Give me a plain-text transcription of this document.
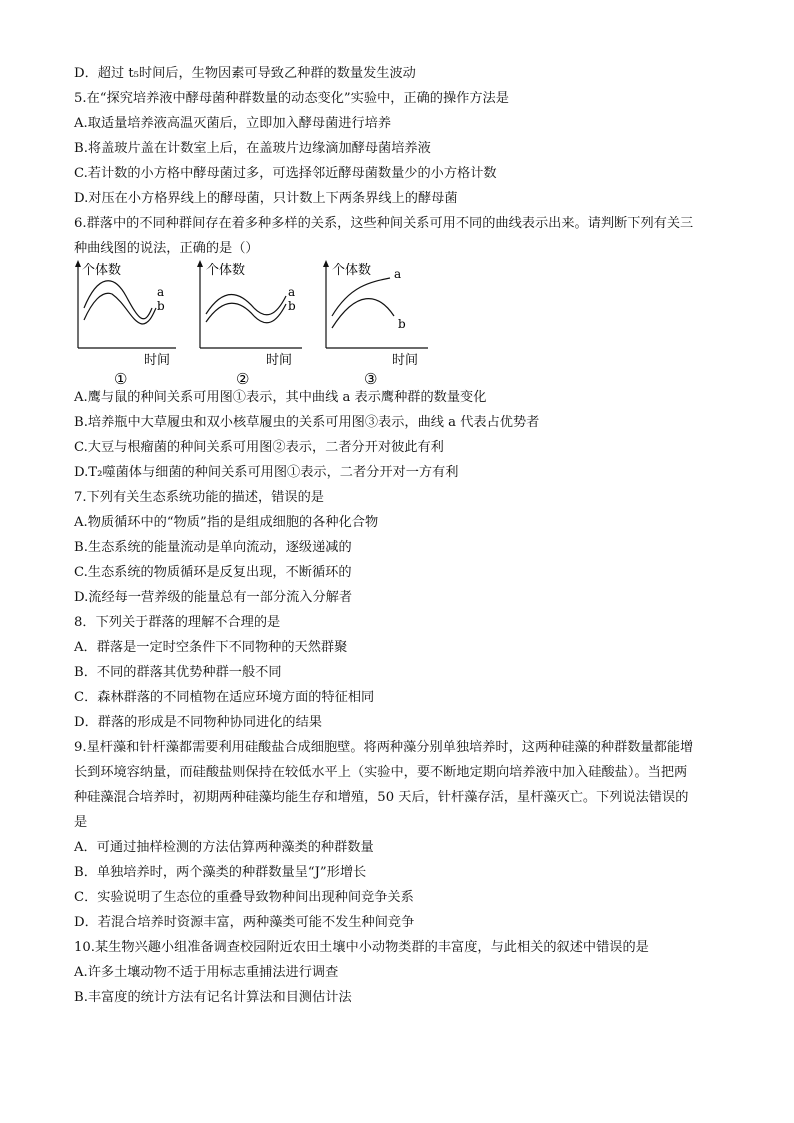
D．超过 t₅时间后，生物因素可导致乙种群的数量发生波动
5.在“探究培养液中酵母菌种群数量的动态变化”实验中，正确的操作方法是
A.取适量培养液高温灭菌后，立即加入酵母菌进行培养
B.将盖玻片盖在计数室上后，在盖玻片边缘滴加酵母菌培养液
C.若计数的小方格中酵母菌过多，可选择邻近酵母菌数量少的小方格计数
D.对压在小方格界线上的酵母菌，只计数上下两条界线上的酵母菌
6.群落中的不同种群间存在着多种多样的关系，这些种间关系可用不同的曲线表示出来。请判断下列有关三
种曲线图的说法，正确的是（）
个体数
时间
a
b
①
个体数
时间
a
b
②
个体数
时间
a
b
③
A.鹰与鼠的种间关系可用图①表示，其中曲线 a 表示鹰种群的数量变化
B.培养瓶中大草履虫和双小核草履虫的关系可用图③表示，曲线 a 代表占优势者
C.大豆与根瘤菌的种间关系可用图②表示，二者分开对彼此有利
D.T₂噬菌体与细菌的种间关系可用图①表示，二者分开对一方有利
7.下列有关生态系统功能的描述，错误的是
A.物质循环中的“物质”指的是组成细胞的各种化合物
B.生态系统的能量流动是单向流动，逐级递减的
C.生态系统的物质循环是反复出现，不断循环的
D.流经每一营养级的能量总有一部分流入分解者
8．下列关于群落的理解不合理的是
A．群落是一定时空条件下不同物种的天然群聚
B．不同的群落其优势种群一般不同
C．森林群落的不同植物在适应环境方面的特征相同
D．群落的形成是不同物种协同进化的结果
9.星杆藻和针杆藻都需要利用硅酸盐合成细胞壁。将两种藻分别单独培养时，这两种硅藻的种群数量都能增
长到环境容纳量，而硅酸盐则保持在较低水平上（实验中，要不断地定期向培养液中加入硅酸盐）。当把两
种硅藻混合培养时，初期两种硅藻均能生存和增殖，50 天后，针杆藻存活，星杆藻灭亡。下列说法错误的
是
A．可通过抽样检测的方法估算两种藻类的种群数量
B．单独培养时，两个藻类的种群数量呈“J”形增长
C．实验说明了生态位的重叠导致物种间出现种间竞争关系
D．若混合培养时资源丰富，两种藻类可能不发生种间竞争
10.某生物兴趣小组准备调查校园附近农田土壤中小动物类群的丰富度，与此相关的叙述中错误的是
A.许多土壤动物不适于用标志重捕法进行调查
B.丰富度的统计方法有记名计算法和目测估计法
